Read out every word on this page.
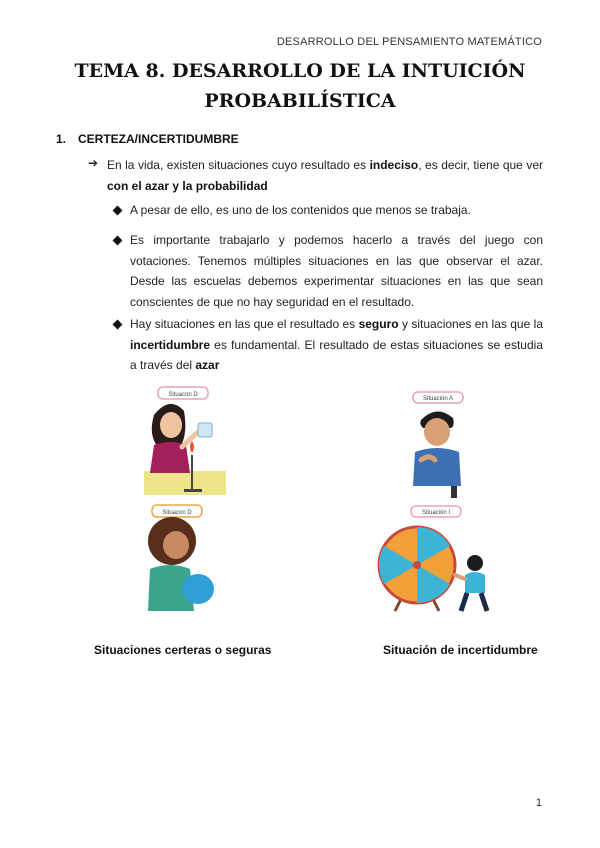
DESARROLLO DEL PENSAMIENTO MATEMÁTICO
TEMA 8. DESARROLLO DE LA INTUICIÓN
PROBABILÍSTICA
1. CERTEZA/INCERTIDUMBRE
➔ En la vida, existen situaciones cuyo resultado es indeciso, es decir, tiene que ver con el azar y la probabilidad
A pesar de ello, es uno de los contenidos que menos se trabaja.
Es importante trabajarlo y podemos hacerlo a través del juego con votaciones. Tenemos múltiples situaciones en las que observar el azar. Desde las escuelas debemos experimentar situaciones en las que sean conscientes de que no hay seguridad en el resultado.
Hay situaciones en las que el resultado es seguro y situaciones en las que la incertidumbre es fundamental. El resultado de estas situaciones se estudia a través del azar
Situacon D
Situación A
Situacon D	Situación I
Situaciones certeras o seguras	Situación de incertidumbre
1
